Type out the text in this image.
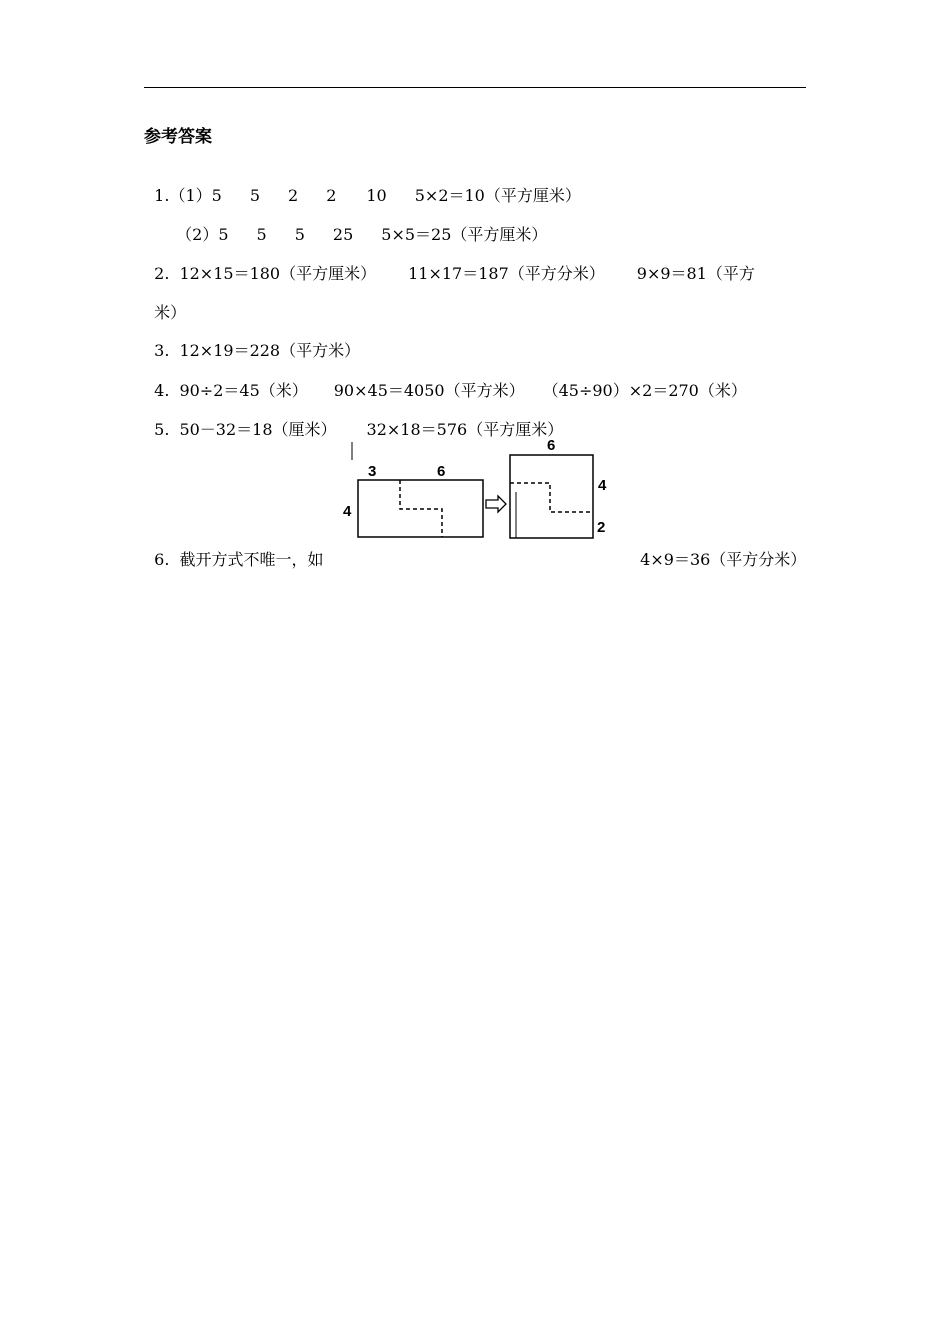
参考答案

1.（1）5 5 2 2 10 5×2＝10（平方厘米）

（2）5 5 5 25 5×5＝25（平方厘米）

2. 12×15＝180（平方厘米） 11×17＝187（平方分米） 9×9＝81（平方

米）

3. 12×19＝228（平方米）

4. 90÷2＝45（米） 90×45＝4050（平方米） （45÷90）×2＝270（米）

5. 50－32＝18（厘米） 32×18＝576（平方厘米）

6. 截开方式不唯一，如	4×9＝36（平方分米）

3	6
4
6
4
2
